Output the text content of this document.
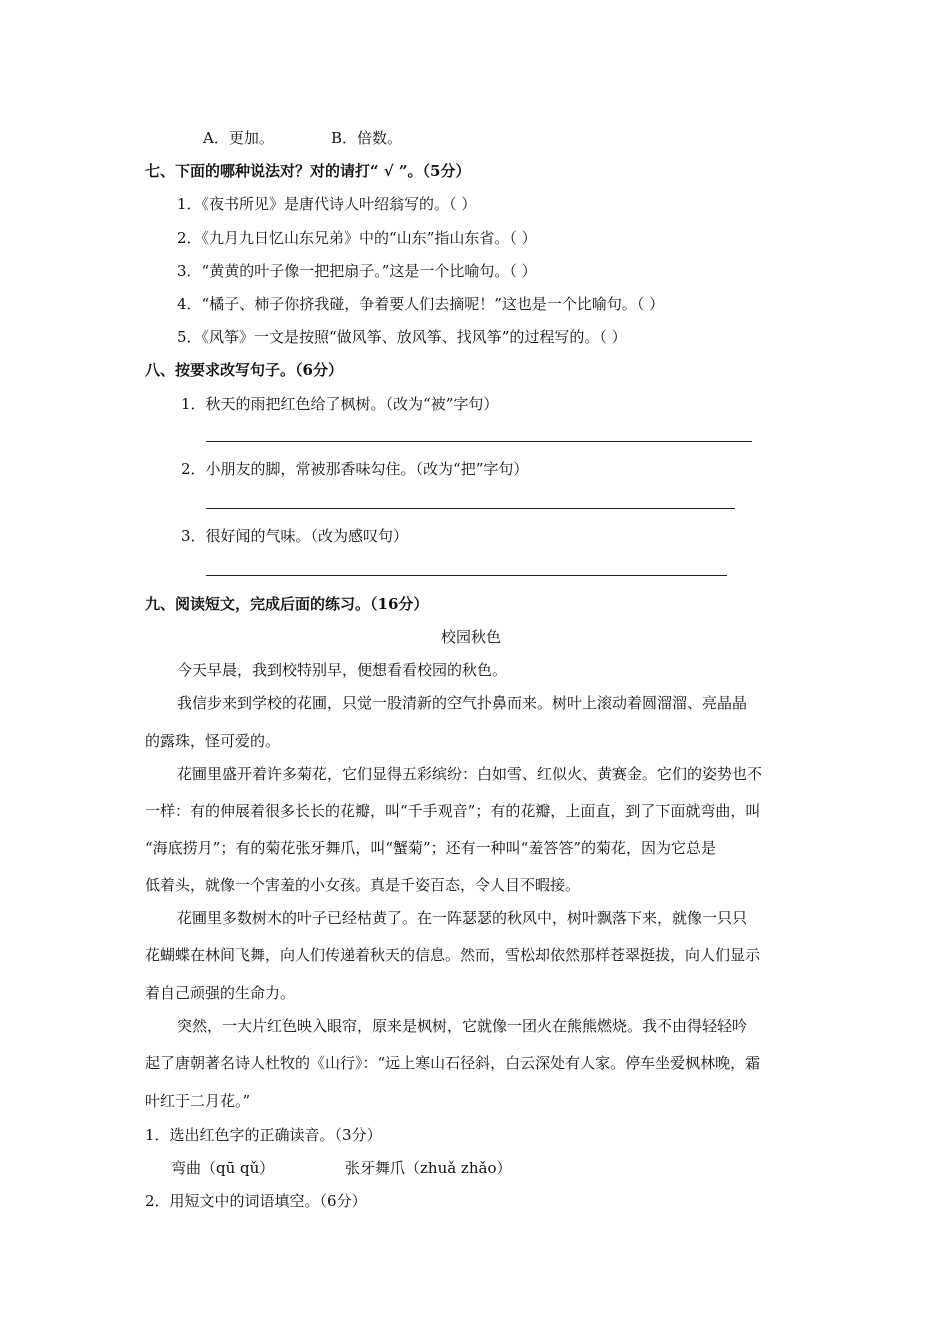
A．更加。	B．倍数。
七、下面的哪种说法对？对的请打“ √ ”。（5分）
1．《夜书所见》是唐代诗人叶绍翁写的。（ ）
2．《九月九日忆山东兄弟》中的“山东”指山东省。（ ）
3．“黄黄的叶子像一把把扇子。”这是一个比喻句。（ ）
4．“橘子、柿子你挤我碰，争着要人们去摘呢！”这也是一个比喻句。（ ）
5．《风筝》一文是按照“做风筝、放风筝、找风筝”的过程写的。（ ）
八、按要求改写句子。（6分）
1．秋天的雨把红色给了枫树。（改为“被”字句）
2．小朋友的脚，常被那香味勾住。（改为“把”字句）
3．很好闻的气味。（改为感叹句）
九、阅读短文，完成后面的练习。（16分）
校园秋色
今天早晨，我到校特别早，便想看看校园的秋色。
我信步来到学校的花圃，只觉一股清新的空气扑鼻而来。树叶上滚动着圆溜溜、亮晶晶
的露珠，怪可爱的。
花圃里盛开着许多菊花，它们显得五彩缤纷：白如雪、红似火、黄赛金。它们的姿势也不
一样：有的伸展着很多长长的花瓣，叫“千手观音”；有的花瓣，上面直，到了下面就弯曲，叫
“海底捞月”；有的菊花张牙舞爪，叫“蟹菊”；还有一种叫“羞答答”的菊花，因为它总是
低着头，就像一个害羞的小女孩。真是千姿百态，令人目不暇接。
花圃里多数树木的叶子已经枯黄了。在一阵瑟瑟的秋风中，树叶飘落下来，就像一只只
花蝴蝶在林间飞舞，向人们传递着秋天的信息。然而，雪松却依然那样苍翠挺拔，向人们显示
着自己顽强的生命力。
突然，一大片红色映入眼帘，原来是枫树，它就像一团火在熊熊燃烧。我不由得轻轻吟
起了唐朝著名诗人杜牧的《山行》：“远上寒山石径斜，白云深处有人家。停车坐爱枫林晚，霜
叶红于二月花。”
1．选出红色字的正确读音。（3分）
弯曲（qū qǔ）	张牙舞爪（zhuǎ zhǎo）
2．用短文中的词语填空。（6分）
